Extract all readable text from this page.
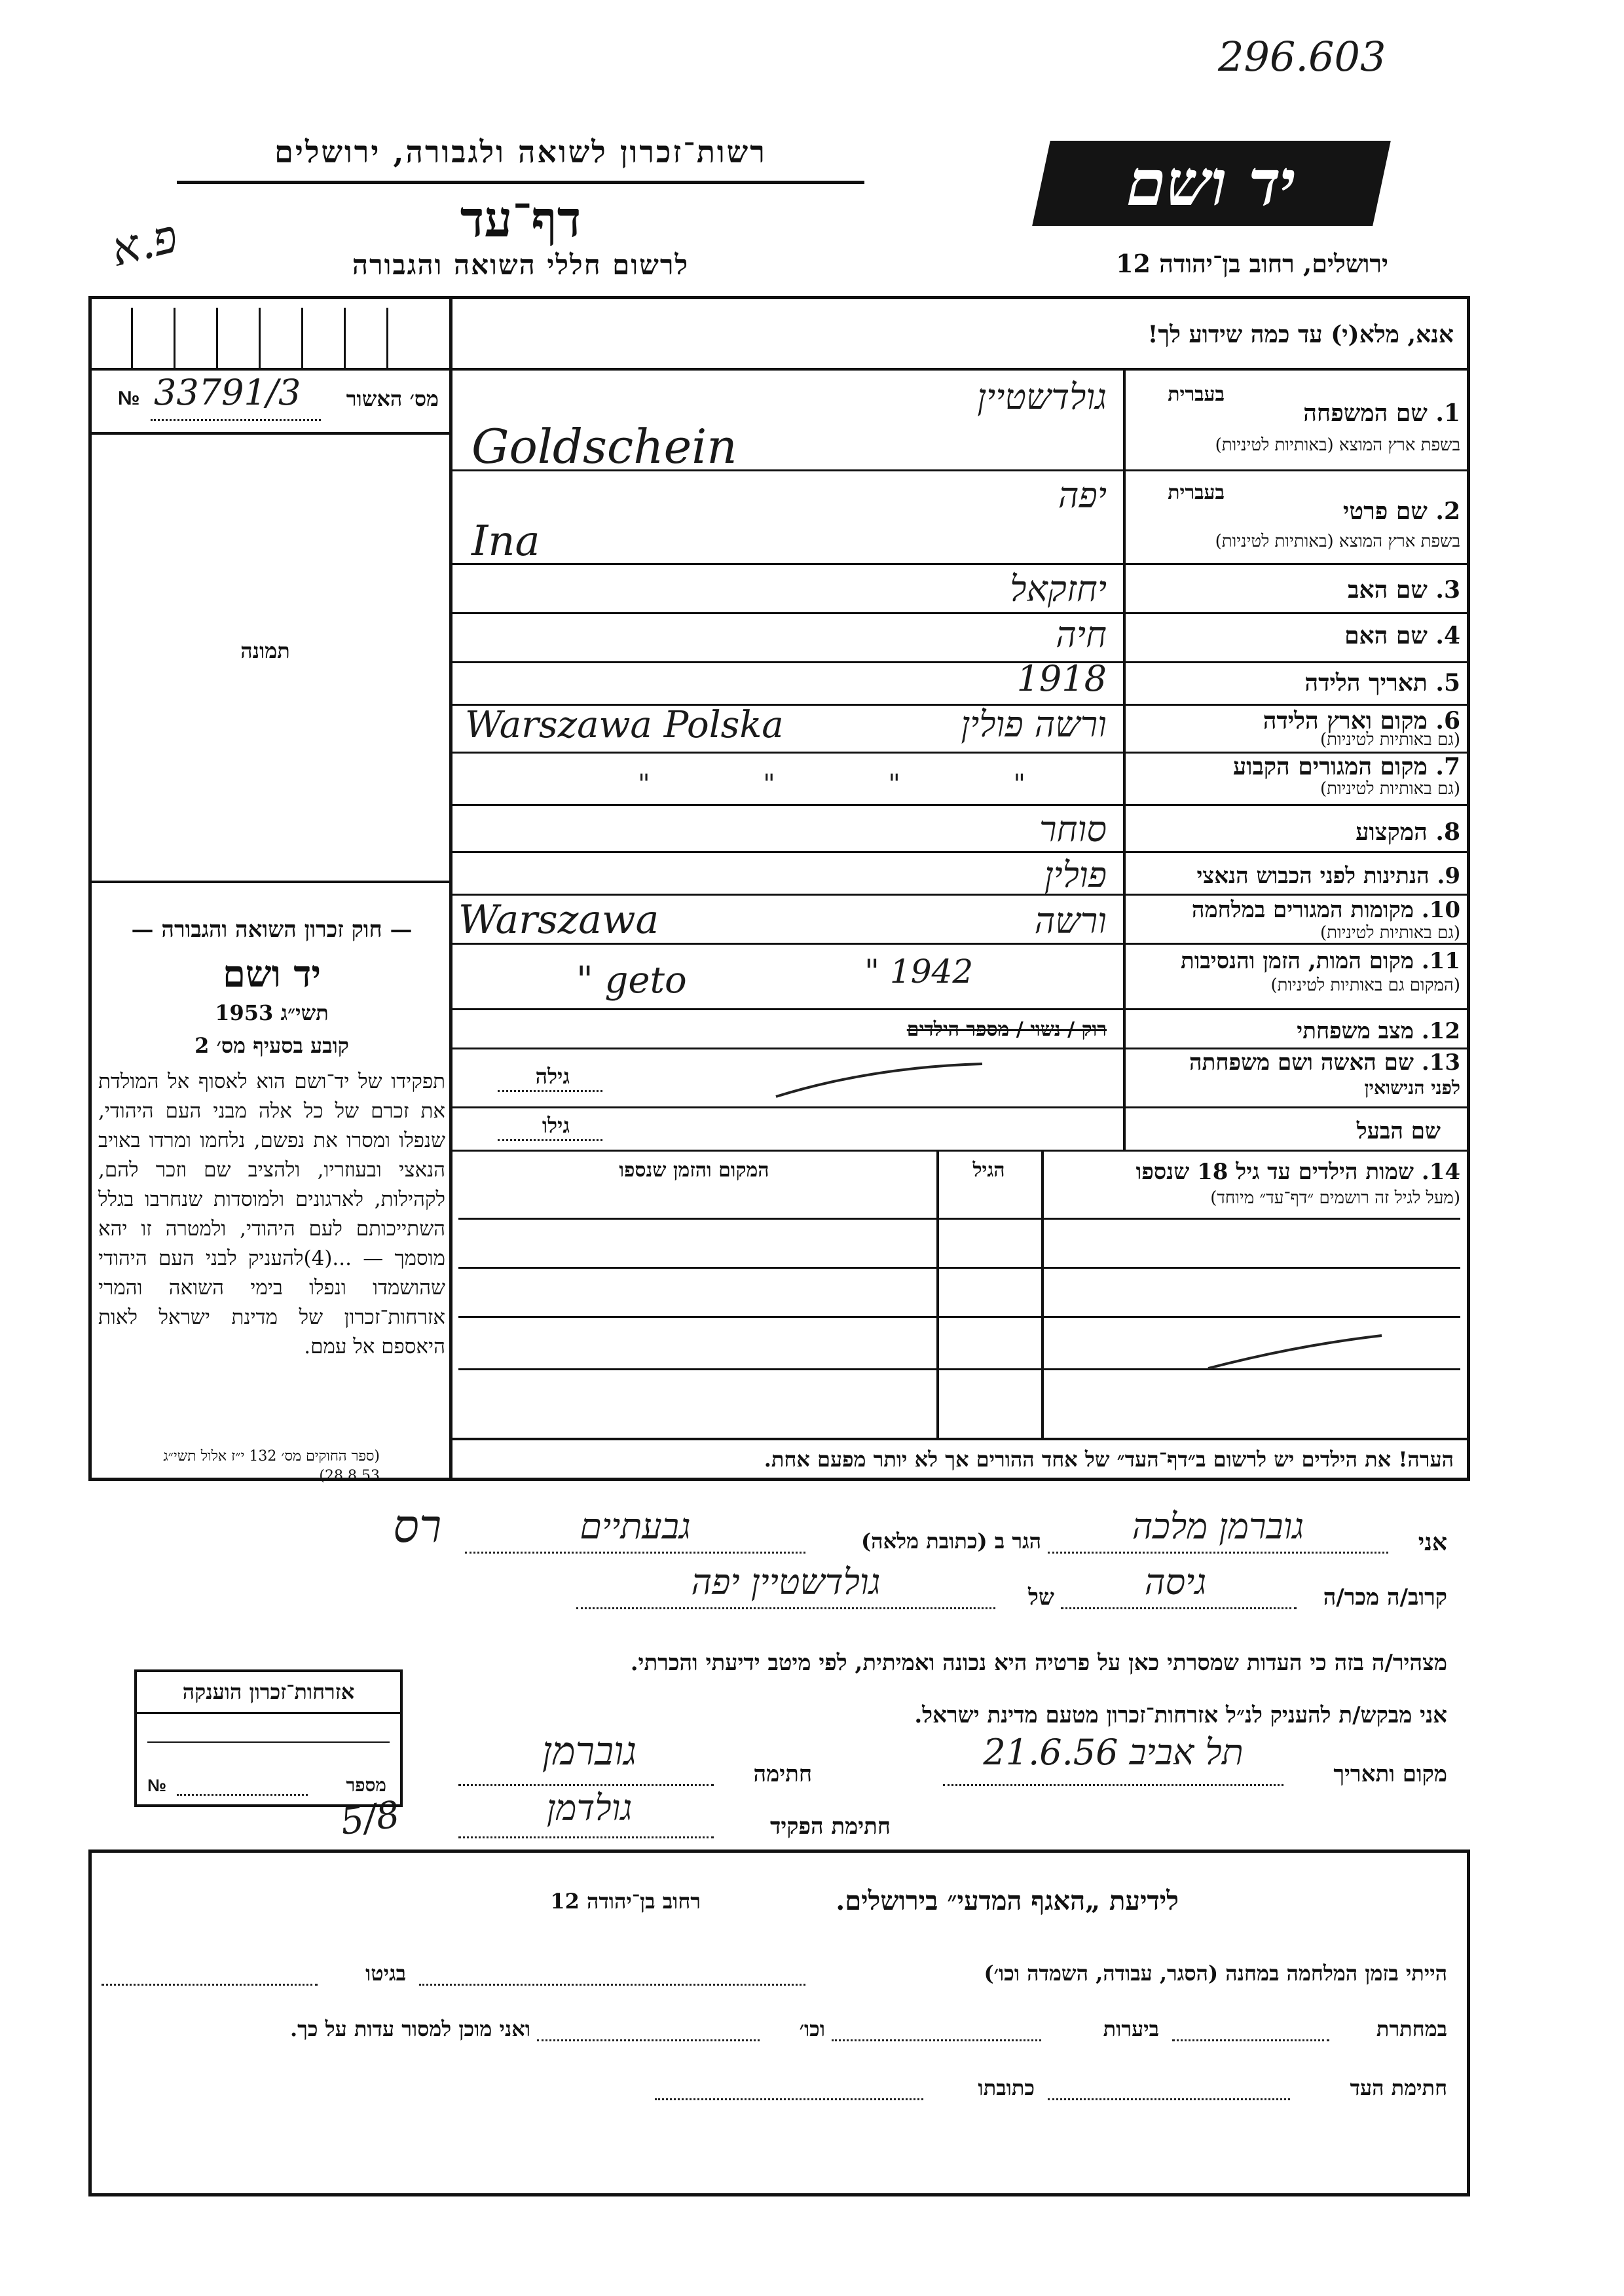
296.603
רשות־זכרון לשואה ולגבורה, ירושלים
דף־עד
לרשום חללי השואה והגבורה
פ.א
יד ושם
ירושלים, רחוב בן־יהודה 12
אנא, מלא(י) עד כמה שידוע לך!
№ 33791/3	מס׳ האשור
תמונה
— חוק זכרון השואה והגבורה —
יד ושם
תשי״ג 1953
קובע בסעיף מס׳ 2
תפקידו של יד־ושם הוא לאסוף אל המולדת את זכרם של כל אלה מבני העם היהודי, שנפלו ומסרו את נפשם, נלחמו ומרדו באויב הנאצי ובעוזריו, ולהציב שם וזכר להם, לקהילות, לארגונים ולמוסדות שנחרבו בגלל השתייכותם לעם היהודי, ולמטרה זו יהא מוסמך — ...(4)להעניק לבני העם היהודי שהושמדו ונפלו בימי השואה והמרי אזרחות־זכרון של מדינת ישראל לאות היאספם אל עמם.
(ספר החוקים מס׳ 132 י״ז אלול תשי״ג 28.8.53)
1. שם המשפחה
בשפת ארץ המוצא (באותיות לטיניות)
בעברית
גולדשטיין
Goldschein
2. שם פרטי
בשפת ארץ המוצא (באותיות לטיניות)
בעברית
יפה
Ina
3. שם האב
יחזקאל
4. שם האם
חיה
5. תאריך הלידה
1918
6. מקום וארץ הלידה
(גם באותיות לטיניות)
ורשה פולין
Warszawa Polska
7. מקום המגורים הקבוע
(גם באותיות לטיניות)
" " " "
8. המקצוע
סוחר
9. הנתינות לפני הכבוש הנאצי
פולין
10. מקומות המגורים במלחמה
(גם באותיות לטיניות)
ורשה
Warszawa
11. מקום המות, הזמן והנסיבות
(המקום גם באותיות לטיניות)
" 1942
" geto
12. מצב משפחתי
רוק / נשוי / מספר הילדים
13. שם האשה ושם משפחתה
לפני הנישואין
גילה
שם הבעל
גילו
14. שמות הילדים עד גיל 18 שנספו
(מעל לגיל זה רושמים ״דף־עד״ מיוחד)
הגיל
המקום והזמן שנספו
הערה! את הילדים יש לרשום ב״דף־העד״ של אחד ההורים אך לא יותר מפעם אחת.
אני
גוברמן מלכה
הגר ב (כתובת מלאה)
גבעתיים
רס
קרוב/ה מכר/ה
גיסה
של
גולדשטיין יפה
מצהיר/ה בזה כי העדות שמסרתי כאן על פרטיה היא נכונה ואמיתית, לפי מיטב ידיעתי והכרתי.
אני מבקש/ת להעניק לנ״ל אזרחות־זכרון מטעם מדינת ישראל.
מקום ותאריך
תל אביב 21.6.56
חתימה
גוברמן
חתימת הפקיד
גולדמן
5/8
אזרחות־זכרון הוענקה
מספר
№
לידיעת „האגף המדעי״ בירושלים.
רחוב בן־יהודה 12
הייתי בזמן המלחמה במחנה (הסגר, עבודה, השמדה וכו׳)
בגיטו
במחתרת
ביערות
וכו׳
ואני מוכן למסור עדות על כך.
חתימת העד
כתובתו
